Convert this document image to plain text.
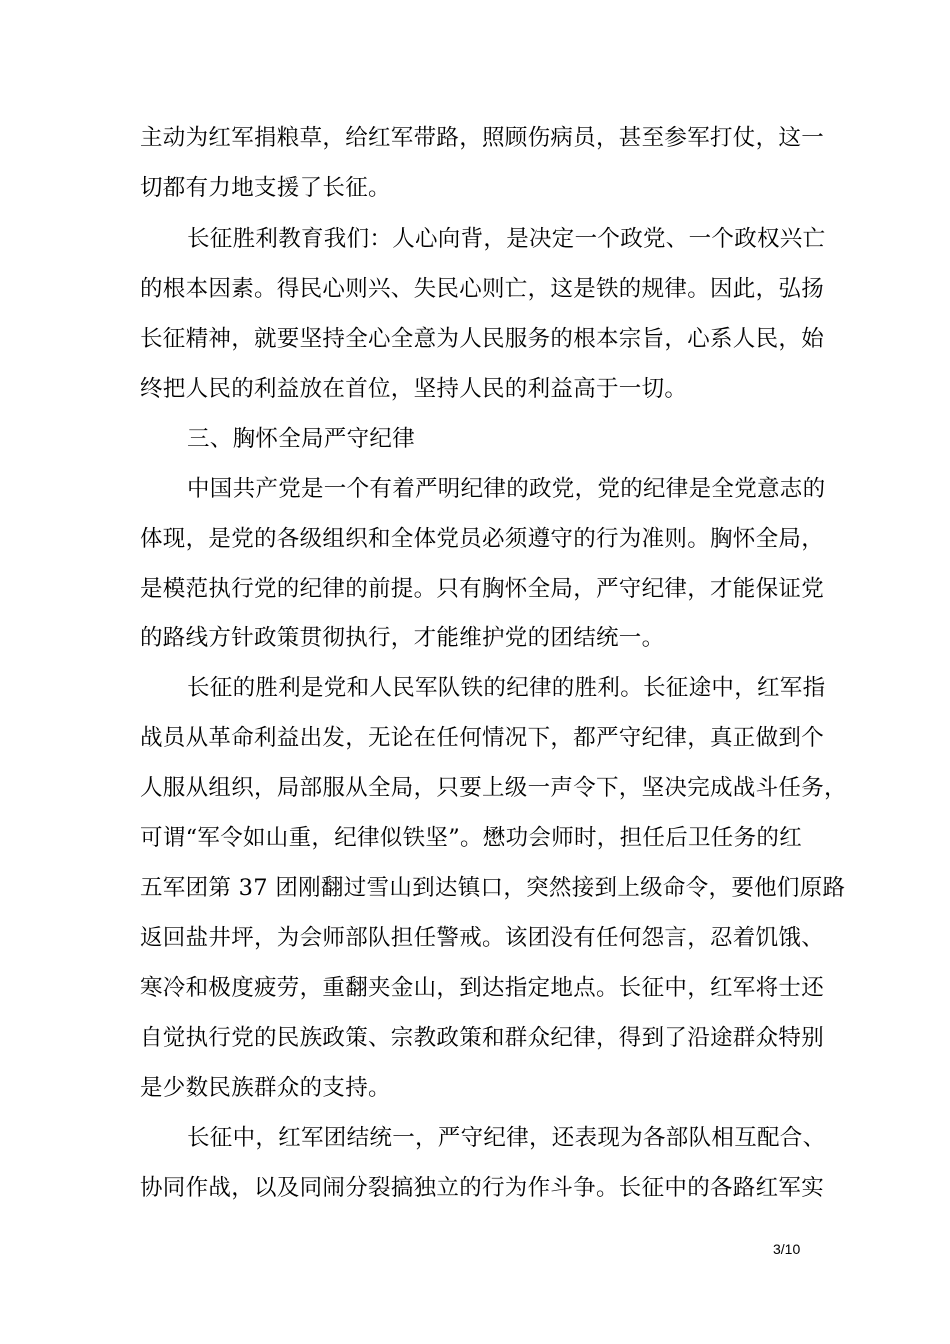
主动为红军捐粮草，给红军带路，照顾伤病员，甚至参军打仗，这一
切都有力地支援了长征。
长征胜利教育我们：人心向背，是决定一个政党、一个政权兴亡
的根本因素。得民心则兴、失民心则亡，这是铁的规律。因此，弘扬
长征精神，就要坚持全心全意为人民服务的根本宗旨，心系人民，始
终把人民的利益放在首位，坚持人民的利益高于一切。
三、胸怀全局严守纪律
中国共产党是一个有着严明纪律的政党，党的纪律是全党意志的
体现，是党的各级组织和全体党员必须遵守的行为准则。胸怀全局，
是模范执行党的纪律的前提。只有胸怀全局，严守纪律，才能保证党
的路线方针政策贯彻执行，才能维护党的团结统一。
长征的胜利是党和人民军队铁的纪律的胜利。长征途中，红军指
战员从革命利益出发，无论在任何情况下，都严守纪律，真正做到个
人服从组织，局部服从全局，只要上级一声令下，坚决完成战斗任务，
可谓“军令如山重，纪律似铁坚”。懋功会师时，担任后卫任务的红
五军团第 37 团刚翻过雪山到达镇口，突然接到上级命令，要他们原路
返回盐井坪，为会师部队担任警戒。该团没有任何怨言，忍着饥饿、
寒冷和极度疲劳，重翻夹金山，到达指定地点。长征中，红军将士还
自觉执行党的民族政策、宗教政策和群众纪律，得到了沿途群众特别
是少数民族群众的支持。
长征中，红军团结统一，严守纪律，还表现为各部队相互配合、
协同作战，以及同闹分裂搞独立的行为作斗争。长征中的各路红军实
3/10
